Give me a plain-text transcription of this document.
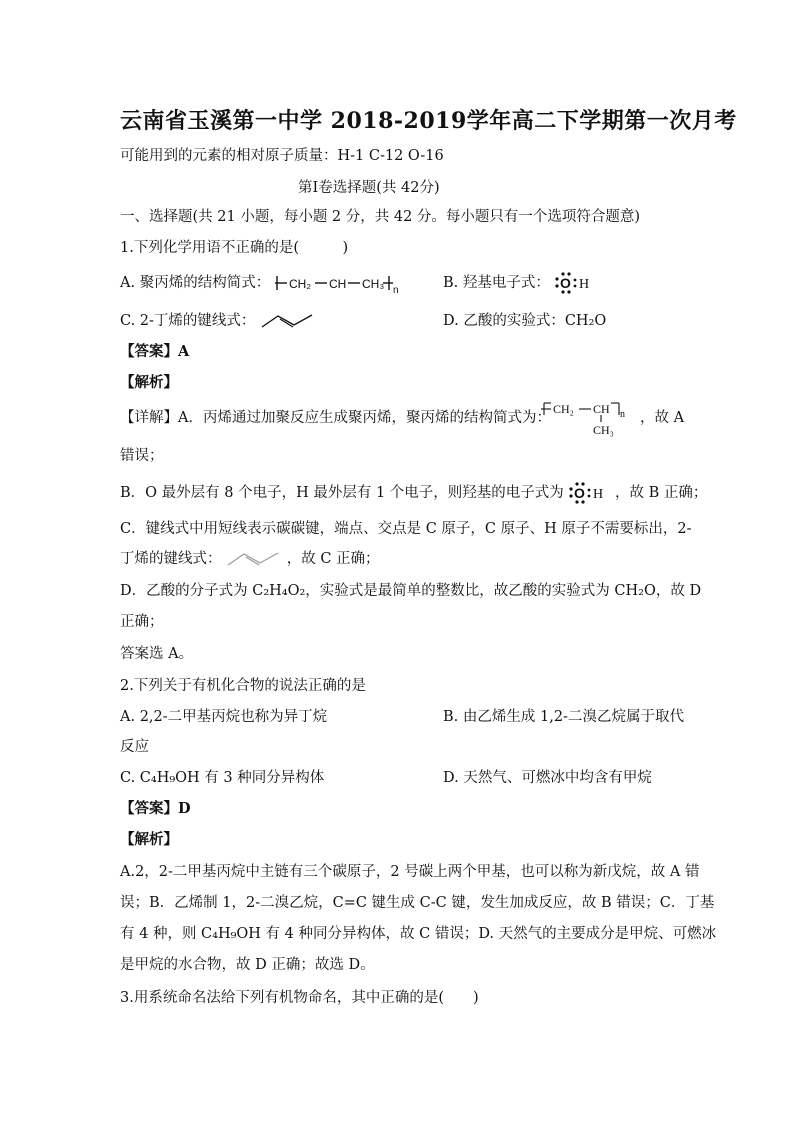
云南省玉溪第一中学 2018-2019学年高二下学期第一次月考
可能用到的元素的相对原子质量：H-1 C-12 O-16
第Ⅰ卷选择题(共 42分)
一、选择题(共 21 小题，每小题 2 分，共 42 分。每小题只有一个选项符合题意)
1.下列化学用语不正确的是(　　　)
A. 聚丙烯的结构简式： CH₂ CH CH₃ n	B. 羟基电子式： O H
C. 2-丁烯的键线式：	D. 乙酸的实验式：CH₂O
【答案】A
【解析】
【详解】A．丙烯通过加聚反应生成聚丙烯，聚丙烯的结构简式为：
CH₂ CH n
CH₃
，故 A
错误；
B．O 最外层有 8 个电子，H 最外层有 1 个电子，则羟基的电子式为 O H ，故 B 正确；
C．键线式中用短线表示碳碳键，端点、交点是 C 原子，C 原子、H 原子不需要标出，2-
丁烯的键线式：	，故 C 正确；
D．乙酸的分子式为 C₂H₄O₂，实验式是最简单的整数比，故乙酸的实验式为 CH₂O，故 D
正确；
答案选 A。
2.下列关于有机化合物的说法正确的是
A. 2,2-二甲基丙烷也称为异丁烷	B. 由乙烯生成 1,2-二溴乙烷属于取代
反应
C. C₄H₉OH 有 3 种同分异构体	D. 天然气、可燃冰中均含有甲烷
【答案】D
【解析】
A.2，2-二甲基丙烷中主链有三个碳原子，2 号碳上两个甲基，也可以称为新戊烷，故 A 错
误；B．乙烯制 1，2-二溴乙烷，C=C 键生成 C-C 键，发生加成反应，故 B 错误；C．丁基
有 4 种，则 C₄H₉OH 有 4 种同分异构体，故 C 错误；D. 天然气的主要成分是甲烷、可燃冰
是甲烷的水合物，故 D 正确；故选 D。
3.用系统命名法给下列有机物命名，其中正确的是(　　)
